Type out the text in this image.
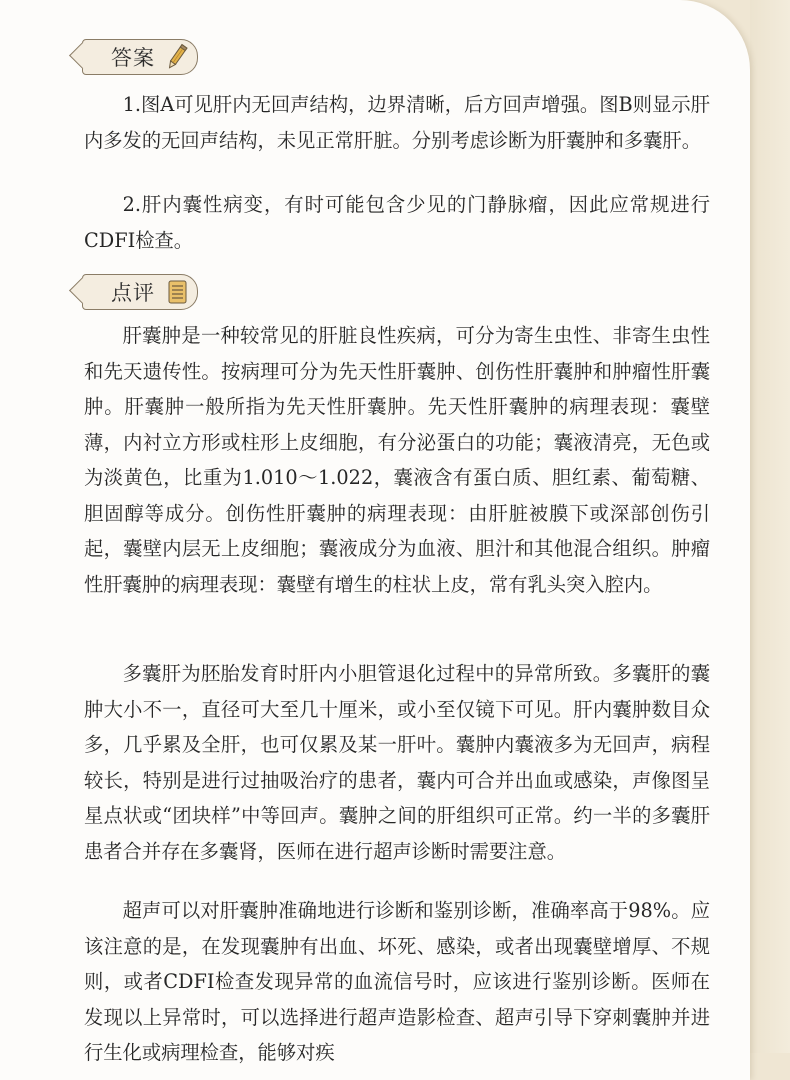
答案

1.图A可见肝内无回声结构，边界清晰，后方回声增强。图B则显示肝内多发的无回声结构，未见正常肝脏。分别考虑诊断为肝囊肿和多囊肝。

2.肝内囊性病变，有时可能包含少见的门静脉瘤，因此应常规进行CDFI检查。

点评

肝囊肿是一种较常见的肝脏良性疾病，可分为寄生虫性、非寄生虫性和先天遗传性。按病理可分为先天性肝囊肿、创伤性肝囊肿和肿瘤性肝囊肿。肝囊肿一般所指为先天性肝囊肿。先天性肝囊肿的病理表现：囊壁薄，内衬立方形或柱形上皮细胞，有分泌蛋白的功能；囊液清亮，无色或为淡黄色，比重为1.010～1.022，囊液含有蛋白质、胆红素、葡萄糖、胆固醇等成分。创伤性肝囊肿的病理表现：由肝脏被膜下或深部创伤引起，囊壁内层无上皮细胞；囊液成分为血液、胆汁和其他混合组织。肿瘤性肝囊肿的病理表现：囊壁有增生的柱状上皮，常有乳头突入腔内。

多囊肝为胚胎发育时肝内小胆管退化过程中的异常所致。多囊肝的囊肿大小不一，直径可大至几十厘米，或小至仅镜下可见。肝内囊肿数目众多，几乎累及全肝，也可仅累及某一肝叶。囊肿内囊液多为无回声，病程较长，特别是进行过抽吸治疗的患者，囊内可合并出血或感染，声像图呈星点状或“团块样”中等回声。囊肿之间的肝组织可正常。约一半的多囊肝患者合并存在多囊肾，医师在进行超声诊断时需要注意。

超声可以对肝囊肿准确地进行诊断和鉴别诊断，准确率高于98%。应该注意的是，在发现囊肿有出血、坏死、感染，或者出现囊壁增厚、不规则，或者CDFI检查发现异常的血流信号时，应该进行鉴别诊断。医师在发现以上异常时，可以选择进行超声造影检查、超声引导下穿刺囊肿并进行生化或病理检查，能够对疾
